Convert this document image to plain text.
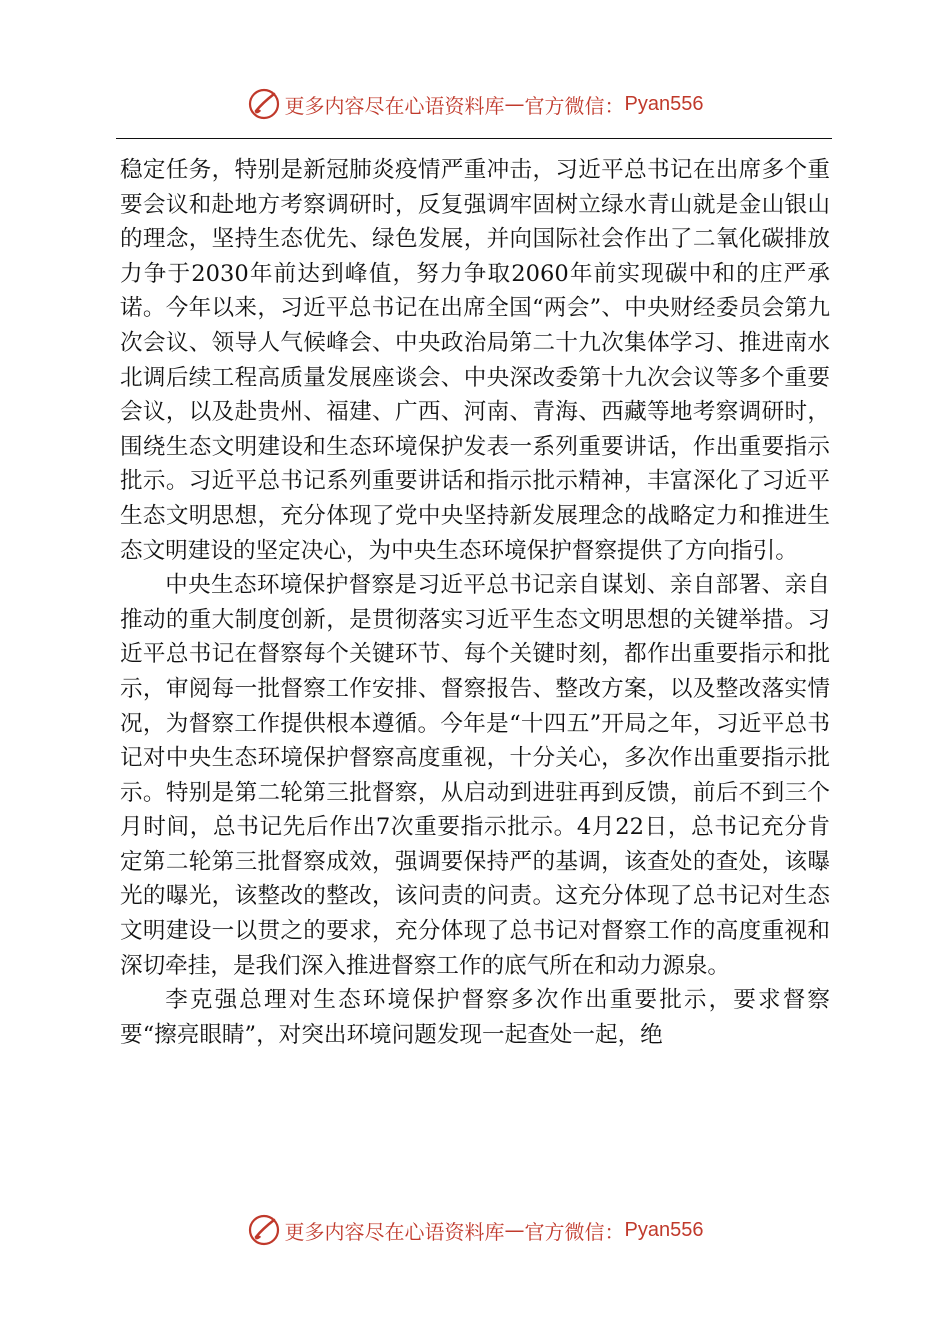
更多内容尽在心语资料库 — 官方微信： Pyan556

稳定任务，特别是新冠肺炎疫情严重冲击，习近平总书记在出席多个重要会议和赴地方考察调研时，反复强调牢固树立绿水青山就是金山银山的理念，坚持生态优先、绿色发展，并向国际社会作出了二氧化碳排放力争于2030年前达到峰值，努力争取2060年前实现碳中和的庄严承诺。今年以来，习近平总书记在出席全国“两会”、中央财经委员会第九次会议、领导人气候峰会、中央政治局第二十九次集体学习、推进南水北调后续工程高质量发展座谈会、中央深改委第十九次会议等多个重要会议，以及赴贵州、福建、广西、河南、青海、西藏等地考察调研时，围绕生态文明建设和生态环境保护发表一系列重要讲话，作出重要指示批示。习近平总书记系列重要讲话和指示批示精神，丰富深化了习近平生态文明思想，充分体现了党中央坚持新发展理念的战略定力和推进生态文明建设的坚定决心，为中央生态环境保护督察提供了方向指引。

中央生态环境保护督察是习近平总书记亲自谋划、亲自部署、亲自推动的重大制度创新，是贯彻落实习近平生态文明思想的关键举措。习近平总书记在督察每个关键环节、每个关键时刻，都作出重要指示和批示，审阅每一批督察工作安排、督察报告、整改方案，以及整改落实情况，为督察工作提供根本遵循。今年是“十四五”开局之年，习近平总书记对中央生态环境保护督察高度重视，十分关心，多次作出重要指示批示。特别是第二轮第三批督察，从启动到进驻再到反馈，前后不到三个月时间，总书记先后作出7次重要指示批示。4月22日，总书记充分肯定第二轮第三批督察成效，强调要保持严的基调，该查处的查处，该曝光的曝光，该整改的整改，该问责的问责。这充分体现了总书记对生态文明建设一以贯之的要求，充分体现了总书记对督察工作的高度重视和深切牵挂，是我们深入推进督察工作的底气所在和动力源泉。

李克强总理对生态环境保护督察多次作出重要批示，要求督察要“擦亮眼睛”，对突出环境问题发现一起查处一起，绝

更多内容尽在心语资料库 — 官方微信： Pyan556
